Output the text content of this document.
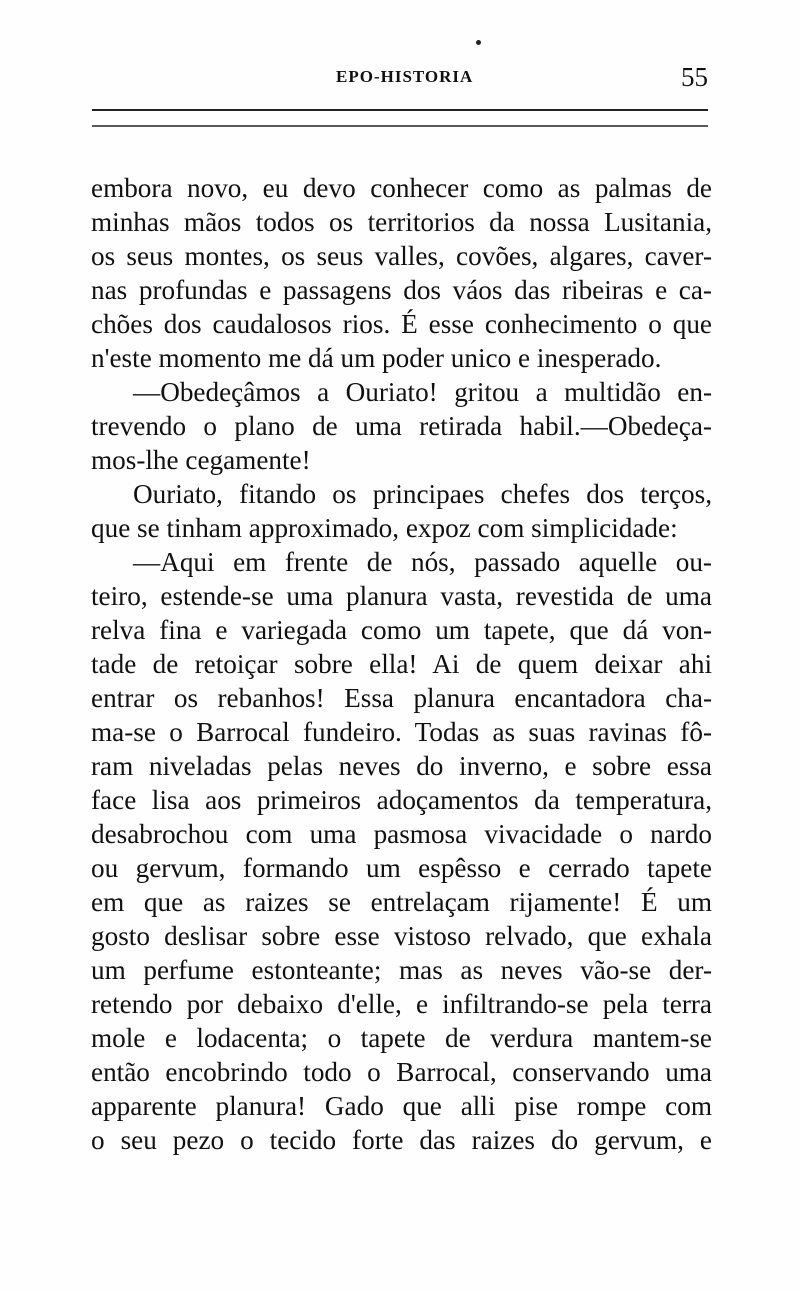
EPO-HISTORIA	55
embora novo, eu devo conhecer como as palmas de
minhas mãos todos os territorios da nossa Lusitania,
os seus montes, os seus valles, covões, algares, caver-
nas profundas e passagens dos váos das ribeiras e ca-
chões dos caudalosos rios. É esse conhecimento o que
n'este momento me dá um poder unico e inesperado.
—Obedeçâmos a Ouriato! gritou a multidão en-
trevendo o plano de uma retirada habil.—Obedeça-
mos-lhe cegamente!
Ouriato, fitando os principaes chefes dos terços,
que se tinham approximado, expoz com simplicidade:
—Aqui em frente de nós, passado aquelle ou-
teiro, estende-se uma planura vasta, revestida de uma
relva fina e variegada como um tapete, que dá von-
tade de retoiçar sobre ella! Ai de quem deixar ahi
entrar os rebanhos! Essa planura encantadora cha-
ma-se o Barrocal fundeiro. Todas as suas ravinas fô-
ram niveladas pelas neves do inverno, e sobre essa
face lisa aos primeiros adoçamentos da temperatura,
desabrochou com uma pasmosa vivacidade o nardo
ou gervum, formando um espêsso e cerrado tapete
em que as raizes se entrelaçam rijamente! É um
gosto deslisar sobre esse vistoso relvado, que exhala
um perfume estonteante; mas as neves vão-se der-
retendo por debaixo d'elle, e infiltrando-se pela terra
mole e lodacenta; o tapete de verdura mantem-se
então encobrindo todo o Barrocal, conservando uma
apparente planura! Gado que alli pise rompe com
o seu pezo o tecido forte das raizes do gervum, e
